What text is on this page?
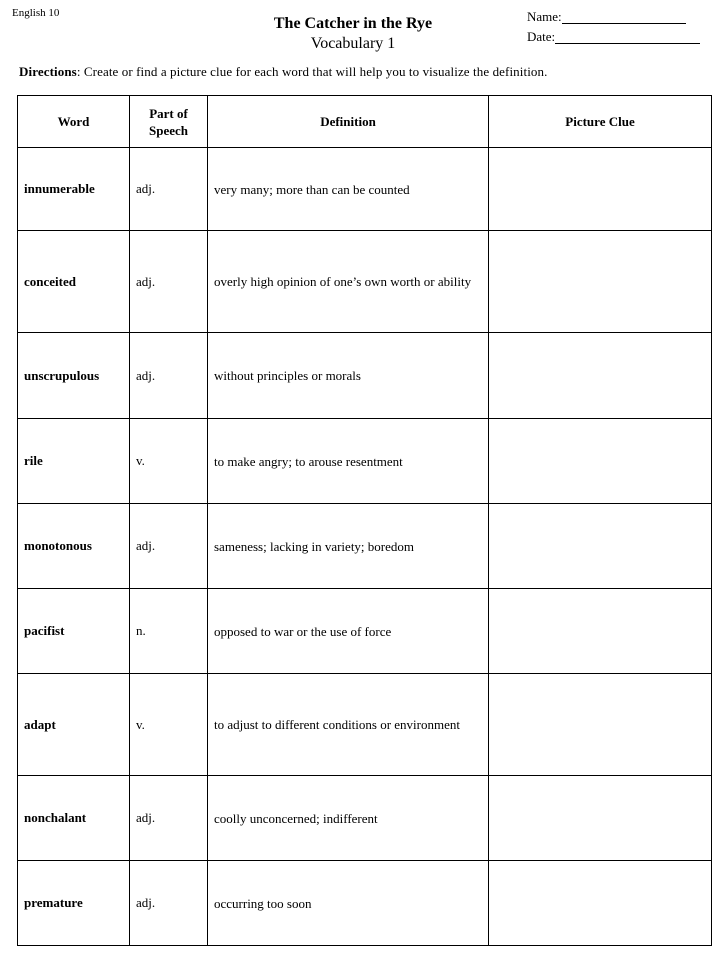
English 10
The Catcher in the Rye
Vocabulary 1
Name:
Date:
Directions: Create or find a picture clue for each word that will help you to visualize the definition.
Word	Part of Speech	Definition	Picture Clue
innumerable	adj.	very many; more than can be counted	
conceited	adj.	overly high opinion of one’s own worth or ability	
unscrupulous	adj.	without principles or morals	
rile	v.	to make angry; to arouse resentment	
monotonous	adj.	sameness; lacking in variety; boredom	
pacifist	n.	opposed to war or the use of force	
adapt	v.	to adjust to different conditions or environment	
nonchalant	adj.	coolly unconcerned; indifferent	
premature	adj.	occurring too soon	
